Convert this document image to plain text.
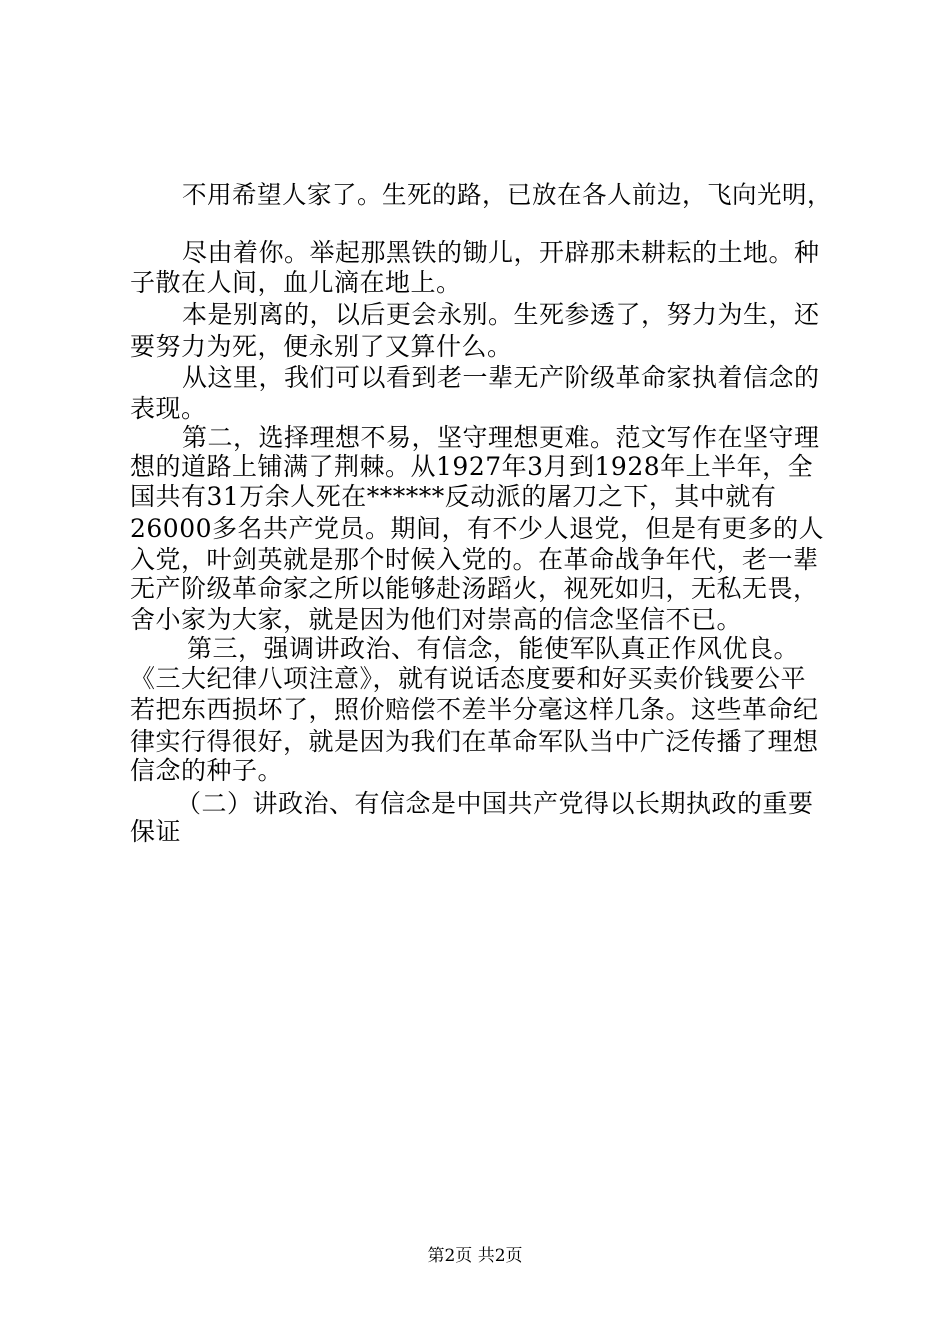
不用希望人家了。生死的路，已放在各人前边，飞向光明，
尽由着你。举起那黑铁的锄儿，开辟那未耕耘的土地。种
子散在人间，血儿滴在地上。
本是别离的，以后更会永别。生死参透了，努力为生，还
要努力为死，便永别了又算什么。
从这里，我们可以看到老一辈无产阶级革命家执着信念的
表现。
第二，选择理想不易，坚守理想更难。范文写作在坚守理
想的道路上铺满了荆棘。从1927年3月到1928年上半年，全
国共有31万余人死在******反动派的屠刀之下，其中就有
26000多名共产党员。期间，有不少人退党，但是有更多的人
入党，叶剑英就是那个时候入党的。在革命战争年代，老一辈
无产阶级革命家之所以能够赴汤蹈火，视死如归，无私无畏，
舍小家为大家，就是因为他们对崇高的信念坚信不已。
第三，强调讲政治、有信念，能使军队真正作风优良。
《三大纪律八项注意》，就有说话态度要和好买卖价钱要公平
若把东西损坏了，照价赔偿不差半分毫这样几条。这些革命纪
律实行得很好，就是因为我们在革命军队当中广泛传播了理想
信念的种子。
（二）讲政治、有信念是中国共产党得以长期执政的重要
保证
第2页 共2页
